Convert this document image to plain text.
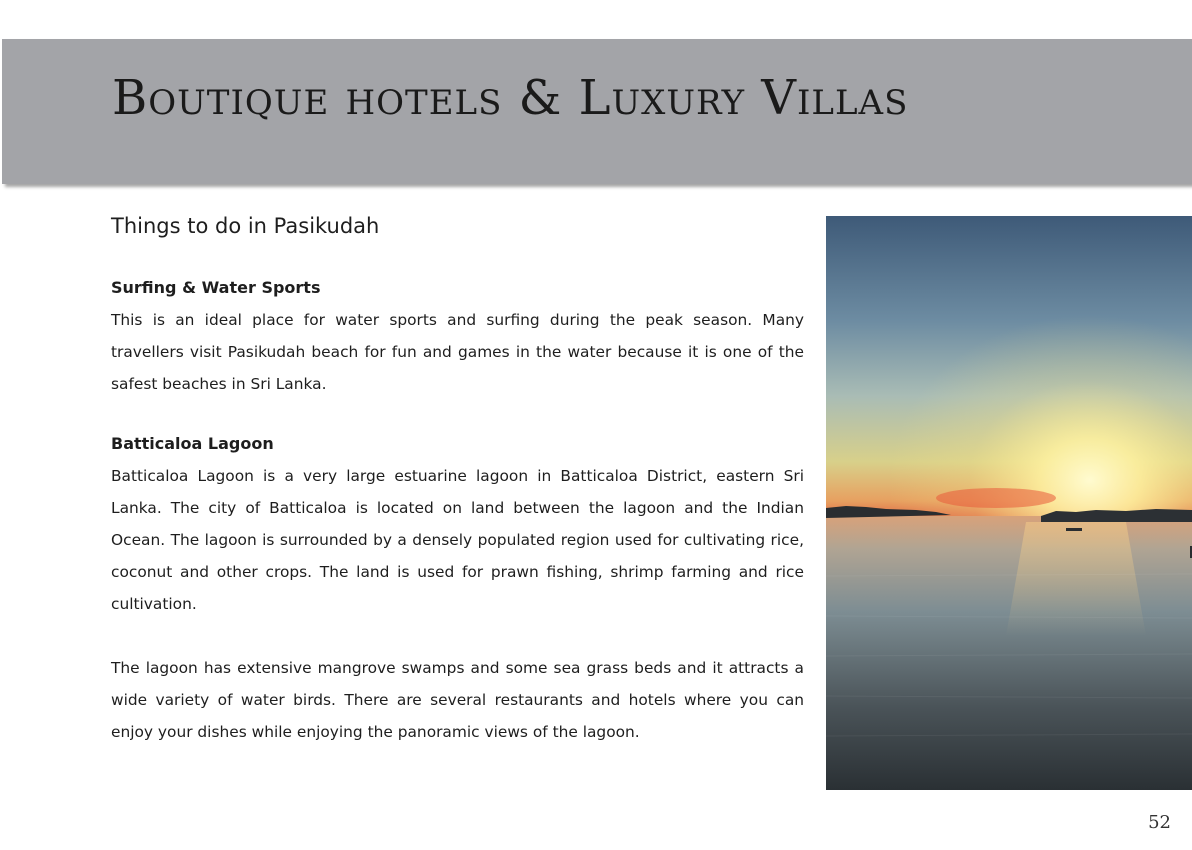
Boutique hotels & Luxury Villas
Things to do in Pasikudah
Surfing & Water Sports

This is an ideal place for water sports and surfing during the peak season. Many travellers visit Pasikudah beach for fun and games in the water because it is one of the safest beaches in Sri Lanka.

Batticaloa Lagoon

Batticaloa Lagoon is a very large estuarine lagoon in Batticaloa District, eastern Sri Lanka. The city of Batticaloa is located on land between the lagoon and the Indian Ocean. The lagoon is surrounded by a densely populated region used for cultivating rice, coconut and other crops. The land is used for prawn fishing, shrimp farming and rice cultivation.

The lagoon has extensive mangrove swamps and some sea grass beds and it attracts a wide variety of water birds. There are several restaurants and hotels where you can enjoy your dishes while enjoying the panoramic views of the lagoon.

52
